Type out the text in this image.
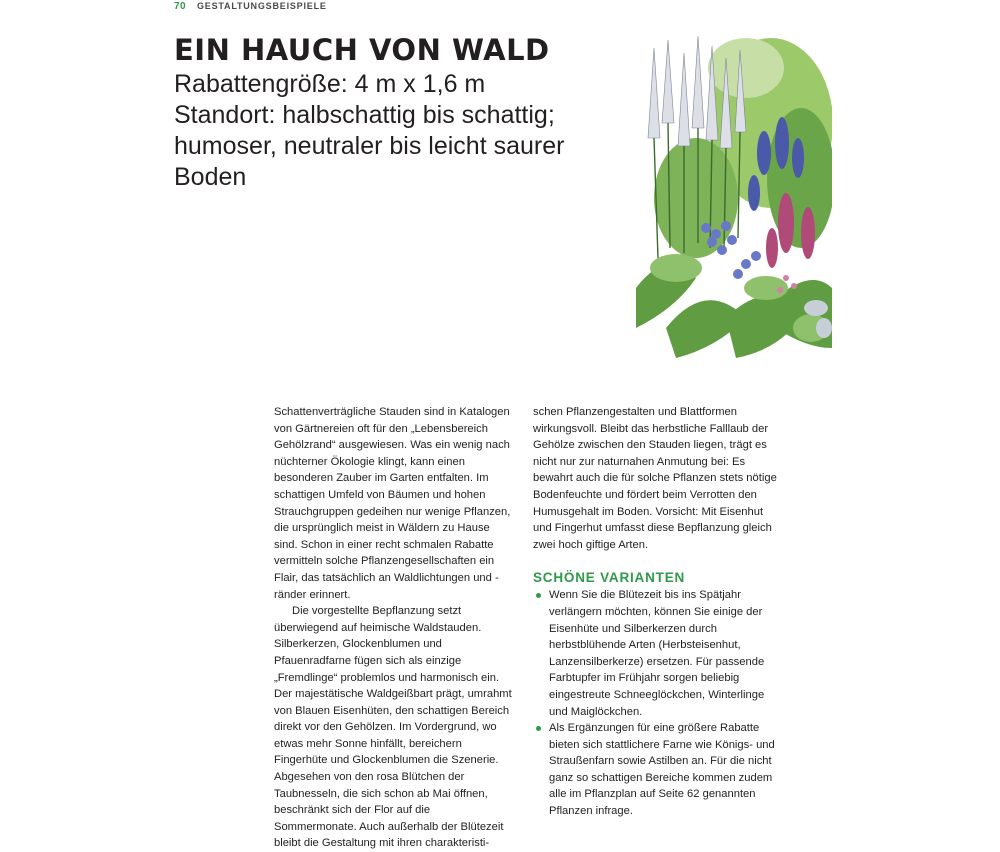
70 GESTALTUNGSBEISPIELE
EIN HAUCH VON WALD
Rabattengröße: 4 m x 1,6 m
Standort: halbschattig bis schattig;
humoser, neutraler bis leicht saurer
Boden

Schattenverträgliche Stauden sind in Katalogen von Gärtnereien oft für den „Lebensbereich Gehölzrand“ ausgewiesen. Was ein wenig nach nüchterner Ökologie klingt, kann einen besonderen Zauber im Garten entfalten. Im schattigen Umfeld von Bäumen und hohen Strauchgruppen gedeihen nur wenige Pflanzen, die ursprünglich meist in Wäldern zu Hause sind. Schon in einer recht schmalen Rabatte vermitteln solche Pflanzengesellschaften ein Flair, das tatsächlich an Waldlichtungen und -ränder erinnert.

Die vorgestellte Bepflanzung setzt überwiegend auf heimische Waldstauden. Silberkerzen, Glockenblumen und Pfauenradfarne fügen sich als einzige „Fremdlinge“ problemlos und harmonisch ein. Der majestätische Waldgeißbart prägt, umrahmt von Blauen Eisenhüten, den schattigen Bereich direkt vor den Gehölzen. Im Vordergrund, wo etwas mehr Sonne hinfällt, bereichern Fingerhüte und Glockenblumen die Szenerie. Abgesehen von den rosa Blütchen der Taubnesseln, die sich schon ab Mai öffnen, beschränkt sich der Flor auf die Sommermonate. Auch außerhalb der Blütezeit bleibt die Gestaltung mit ihren charakteristi-

schen Pflanzengestalten und Blattformen wirkungsvoll. Bleibt das herbstliche Falllaub der Gehölze zwischen den Stauden liegen, trägt es nicht nur zur naturnahen Anmutung bei: Es bewahrt auch die für solche Pflanzen stets nötige Bodenfeuchte und fördert beim Verrotten den Humusgehalt im Boden. Vorsicht: Mit Eisenhut und Fingerhut umfasst diese Bepflanzung gleich zwei hoch giftige Arten.

SCHÖNE VARIANTEN
Wenn Sie die Blütezeit bis ins Spätjahr verlängern möchten, können Sie einige der Eisenhüte und Silberkerzen durch herbstblühende Arten (Herbsteisenhut, Lanzensilberkerze) ersetzen. Für passende Farbtupfer im Frühjahr sorgen beliebig eingestreute Schneeglöckchen, Winterlinge und Maiglöckchen.
Als Ergänzungen für eine größere Rabatte bieten sich stattlichere Farne wie Königs- und Straußenfarn sowie Astilben an. Für die nicht ganz so schattigen Bereiche kommen zudem alle im Pflanzplan auf Seite 62 genannten Pflanzen infrage.
